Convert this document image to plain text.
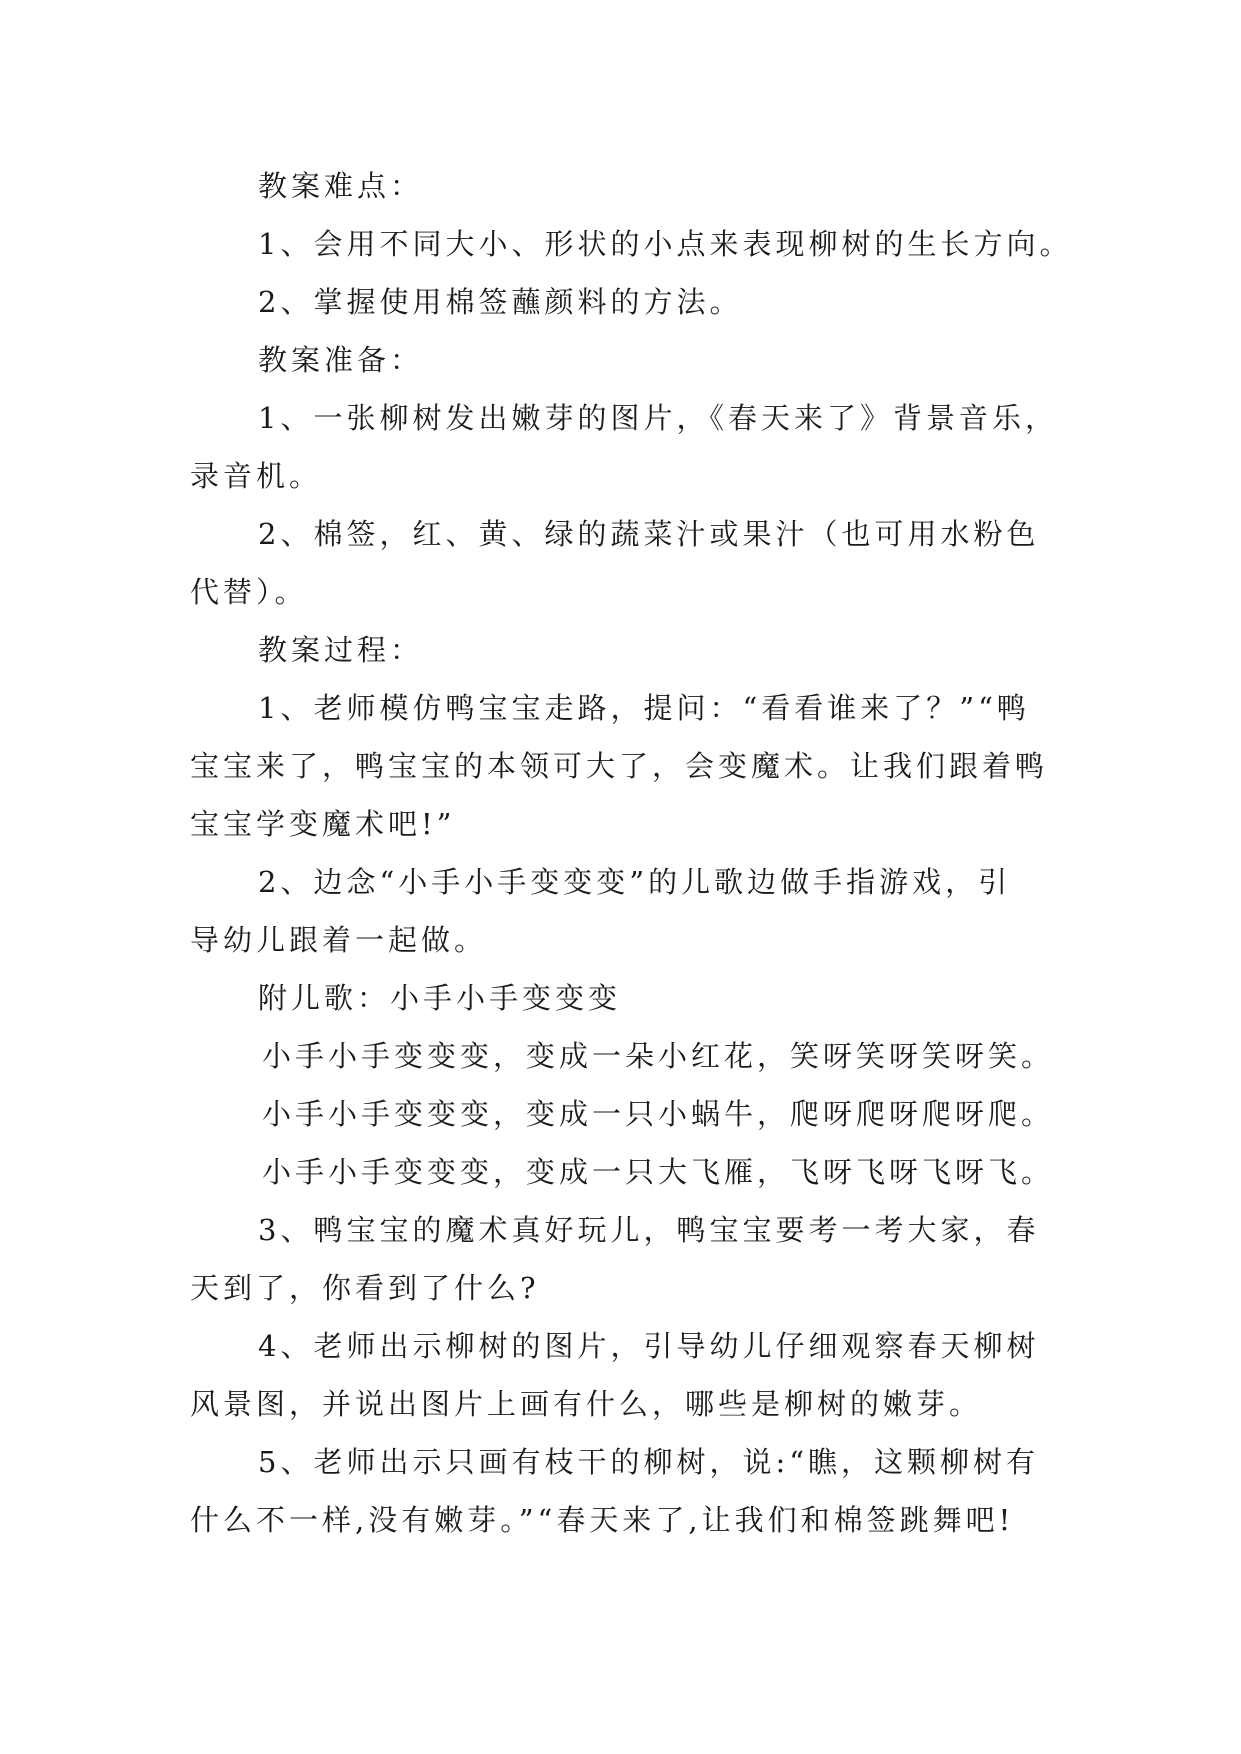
教案难点：
1、会用不同大小、形状的小点来表现柳树的生长方向。
2、掌握使用棉签蘸颜料的方法。
教案准备：
1、一张柳树发出嫩芽的图片，《春天来了》背景音乐，
录音机。
2、棉签，红、黄、绿的蔬菜汁或果汁（也可用水粉色
代替）。
教案过程：
1、老师模仿鸭宝宝走路，提问：“看看谁来了？”“鸭
宝宝来了，鸭宝宝的本领可大了，会变魔术。让我们跟着鸭
宝宝学变魔术吧!”
2、边念“小手小手变变变”的儿歌边做手指游戏，引
导幼儿跟着一起做。
附儿歌：小手小手变变变
小手小手变变变，变成一朵小红花，笑呀笑呀笑呀笑。
小手小手变变变，变成一只小蜗牛，爬呀爬呀爬呀爬。
小手小手变变变，变成一只大飞雁，飞呀飞呀飞呀飞。
3、鸭宝宝的魔术真好玩儿，鸭宝宝要考一考大家，春
天到了，你看到了什么?
4、老师出示柳树的图片，引导幼儿仔细观察春天柳树
风景图，并说出图片上画有什么，哪些是柳树的嫩芽。
5、老师出示只画有枝干的柳树，说:“瞧，这颗柳树有
什么不一样,没有嫩芽。”“春天来了,让我们和棉签跳舞吧!
